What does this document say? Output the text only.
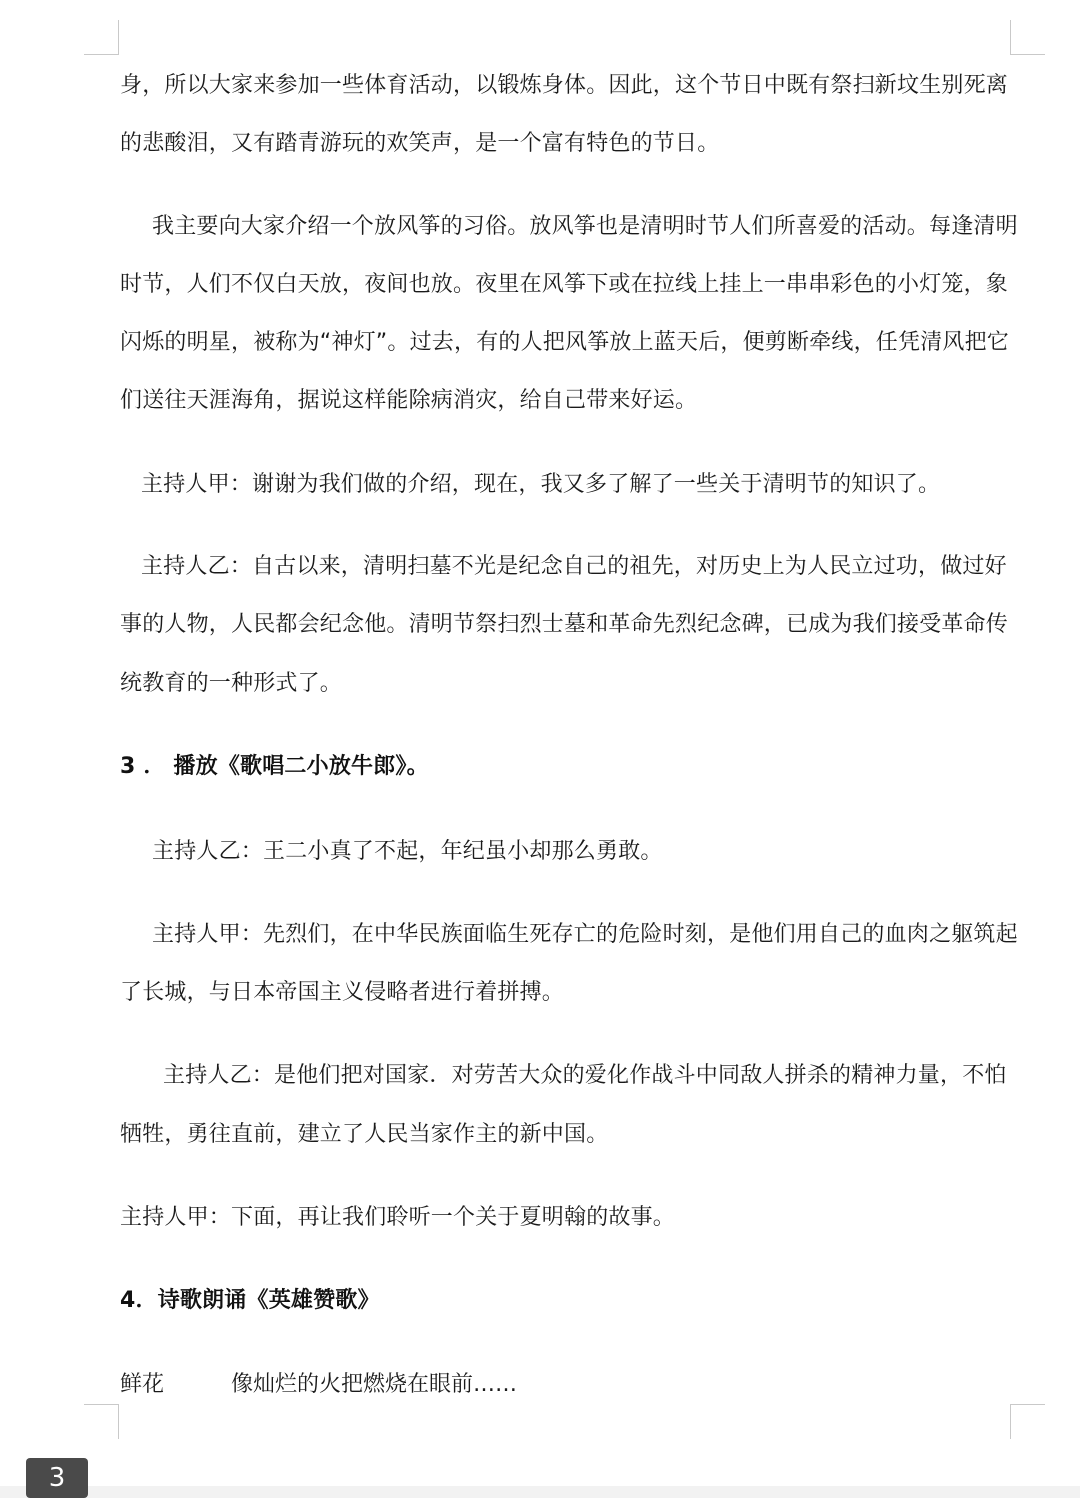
身，所以大家来参加一些体育活动，以锻炼身体。因此，这个节日中既有祭扫新坟生别死离
的悲酸泪，又有踏青游玩的欢笑声，是一个富有特色的节日。
我主要向大家介绍一个放风筝的习俗。放风筝也是清明时节人们所喜爱的活动。每逢清明
时节，人们不仅白天放，夜间也放。夜里在风筝下或在拉线上挂上一串串彩色的小灯笼，象
闪烁的明星，被称为“神灯”。过去，有的人把风筝放上蓝天后，便剪断牵线，任凭清风把它
们送往天涯海角，据说这样能除病消灾，给自己带来好运。
主持人甲：谢谢为我们做的介绍，现在，我又多了解了一些关于清明节的知识了。
主持人乙：自古以来，清明扫墓不光是纪念自己的祖先，对历史上为人民立过功，做过好
事的人物，人民都会纪念他。清明节祭扫烈士墓和革命先烈纪念碑，已成为我们接受革命传
统教育的一种形式了。
3 ． 播放《歌唱二小放牛郎》。
主持人乙：王二小真了不起，年纪虽小却那么勇敢。
主持人甲：先烈们，在中华民族面临生死存亡的危险时刻，是他们用自己的血肉之躯筑起
了长城，与日本帝国主义侵略者进行着拼搏。
主持人乙：是他们把对国家．对劳苦大众的爱化作战斗中同敌人拼杀的精神力量，不怕
牺牲，勇往直前，建立了人民当家作主的新中国。
主持人甲：下面，再让我们聆听一个关于夏明翰的故事。
4．诗歌朗诵《英雄赞歌》
鲜花	像灿烂的火把燃烧在眼前……
3
